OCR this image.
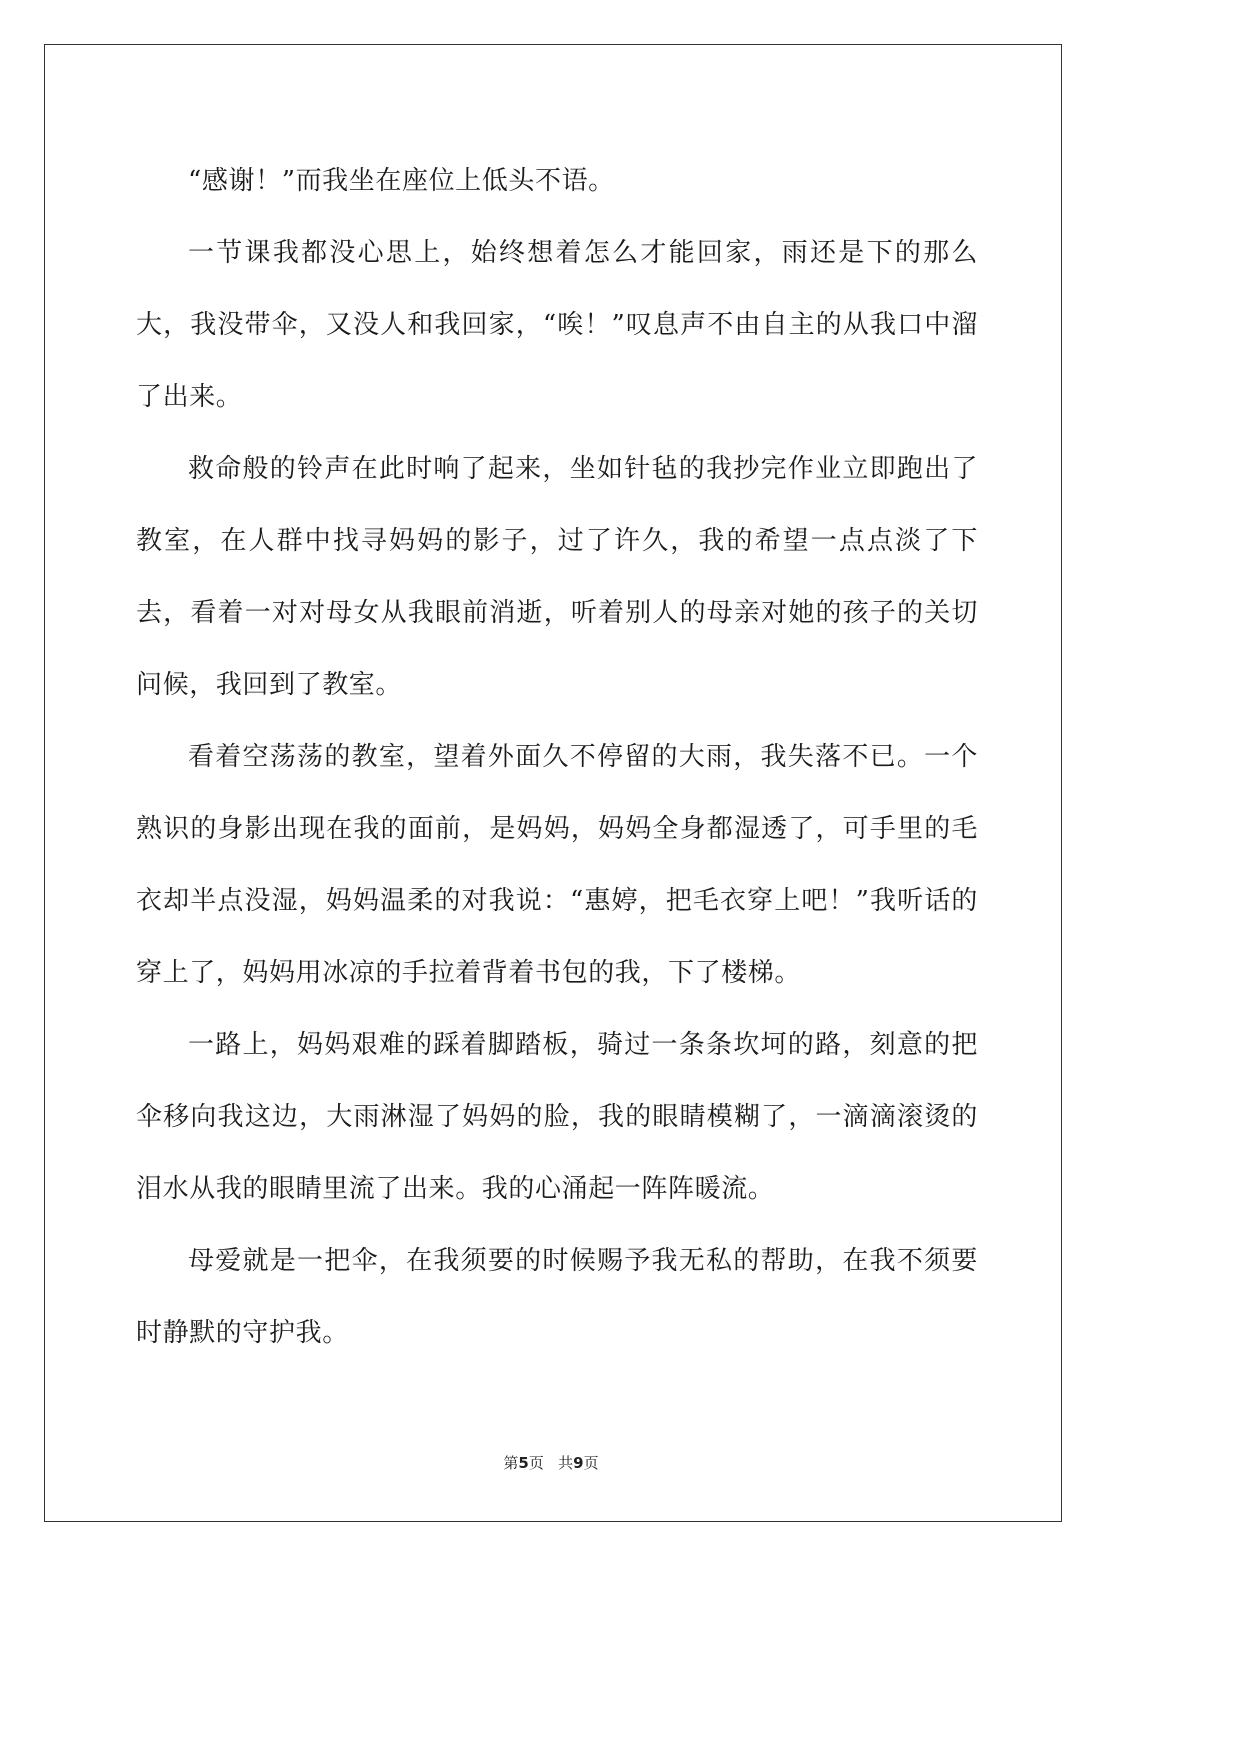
“感谢！”而我坐在座位上低头不语。

一节课我都没心思上，始终想着怎么才能回家，雨还是下的那么大，我没带伞，又没人和我回家，“唉！”叹息声不由自主的从我口中溜了出来。

救命般的铃声在此时响了起来，坐如针毡的我抄完作业立即跑出了教室，在人群中找寻妈妈的影子，过了许久，我的希望一点点淡了下去，看着一对对母女从我眼前消逝，听着别人的母亲对她的孩子的关切问候，我回到了教室。

看着空荡荡的教室，望着外面久不停留的大雨，我失落不已。一个熟识的身影出现在我的面前，是妈妈，妈妈全身都湿透了，可手里的毛衣却半点没湿，妈妈温柔的对我说：“惠婷，把毛衣穿上吧！”我听话的穿上了，妈妈用冰凉的手拉着背着书包的我，下了楼梯。

一路上，妈妈艰难的踩着脚踏板，骑过一条条坎坷的路，刻意的把伞移向我这边，大雨淋湿了妈妈的脸，我的眼睛模糊了，一滴滴滚烫的泪水从我的眼睛里流了出来。我的心涌起一阵阵暖流。

母爱就是一把伞，在我须要的时候赐予我无私的帮助，在我不须要时静默的守护我。

第5页 共9页
